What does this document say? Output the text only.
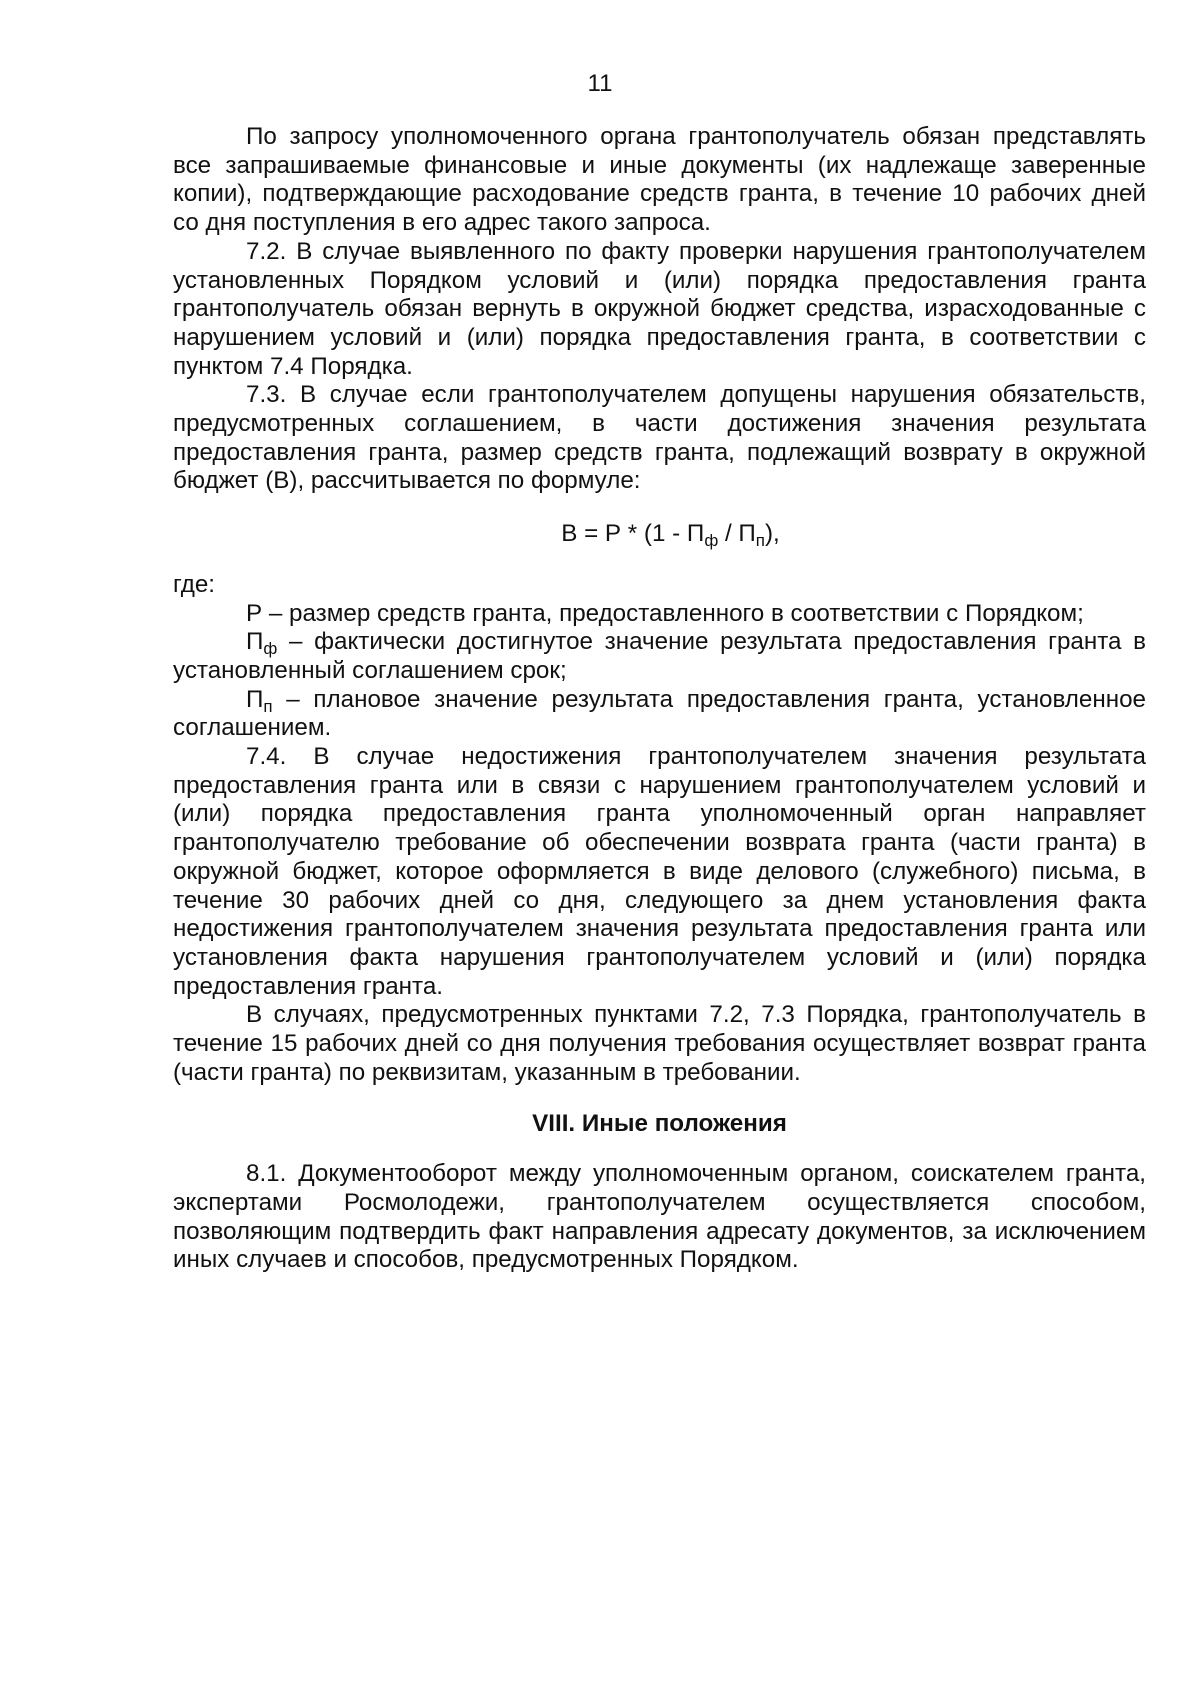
11

По запросу уполномоченного органа грантополучатель обязан представлять все запрашиваемые финансовые и иные документы (их надлежаще заверенные копии), подтверждающие расходование средств гранта, в течение 10 рабочих дней со дня поступления в его адрес такого запроса.

7.2. В случае выявленного по факту проверки нарушения грантополучателем установленных Порядком условий и (или) порядка предоставления гранта грантополучатель обязан вернуть в окружной бюджет средства, израсходованные с нарушением условий и (или) порядка предоставления гранта, в соответствии с пунктом 7.4 Порядка.

7.3. В случае если грантополучателем допущены нарушения обязательств, предусмотренных соглашением, в части достижения значения результата предоставления гранта, размер средств гранта, подлежащий возврату в окружной бюджет (В), рассчитывается по формуле:

$В = Р * (1 - П_ф / П_п)$,

где:

Р – размер средств гранта, предоставленного в соответствии с Порядком;

$П_ф$ – фактически достигнутое значение результата предоставления гранта в установленный соглашением срок;

$П_п$ – плановое значение результата предоставления гранта, установленное соглашением.

7.4. В случае недостижения грантополучателем значения результата предоставления гранта или в связи с нарушением грантополучателем условий и (или) порядка предоставления гранта уполномоченный орган направляет грантополучателю требование об обеспечении возврата гранта (части гранта) в окружной бюджет, которое оформляется в виде делового (служебного) письма, в течение 30 рабочих дней со дня, следующего за днем установления факта недостижения грантополучателем значения результата предоставления гранта или установления факта нарушения грантополучателем условий и (или) порядка предоставления гранта.

В случаях, предусмотренных пунктами 7.2, 7.3 Порядка, грантополучатель в течение 15 рабочих дней со дня получения требования осуществляет возврат гранта (части гранта) по реквизитам, указанным в требовании.

VIII. Иные положения

8.1. Документооборот между уполномоченным органом, соискателем гранта, экспертами Росмолодежи, грантополучателем осуществляется способом, позволяющим подтвердить факт направления адресату документов, за исключением иных случаев и способов, предусмотренных Порядком.
